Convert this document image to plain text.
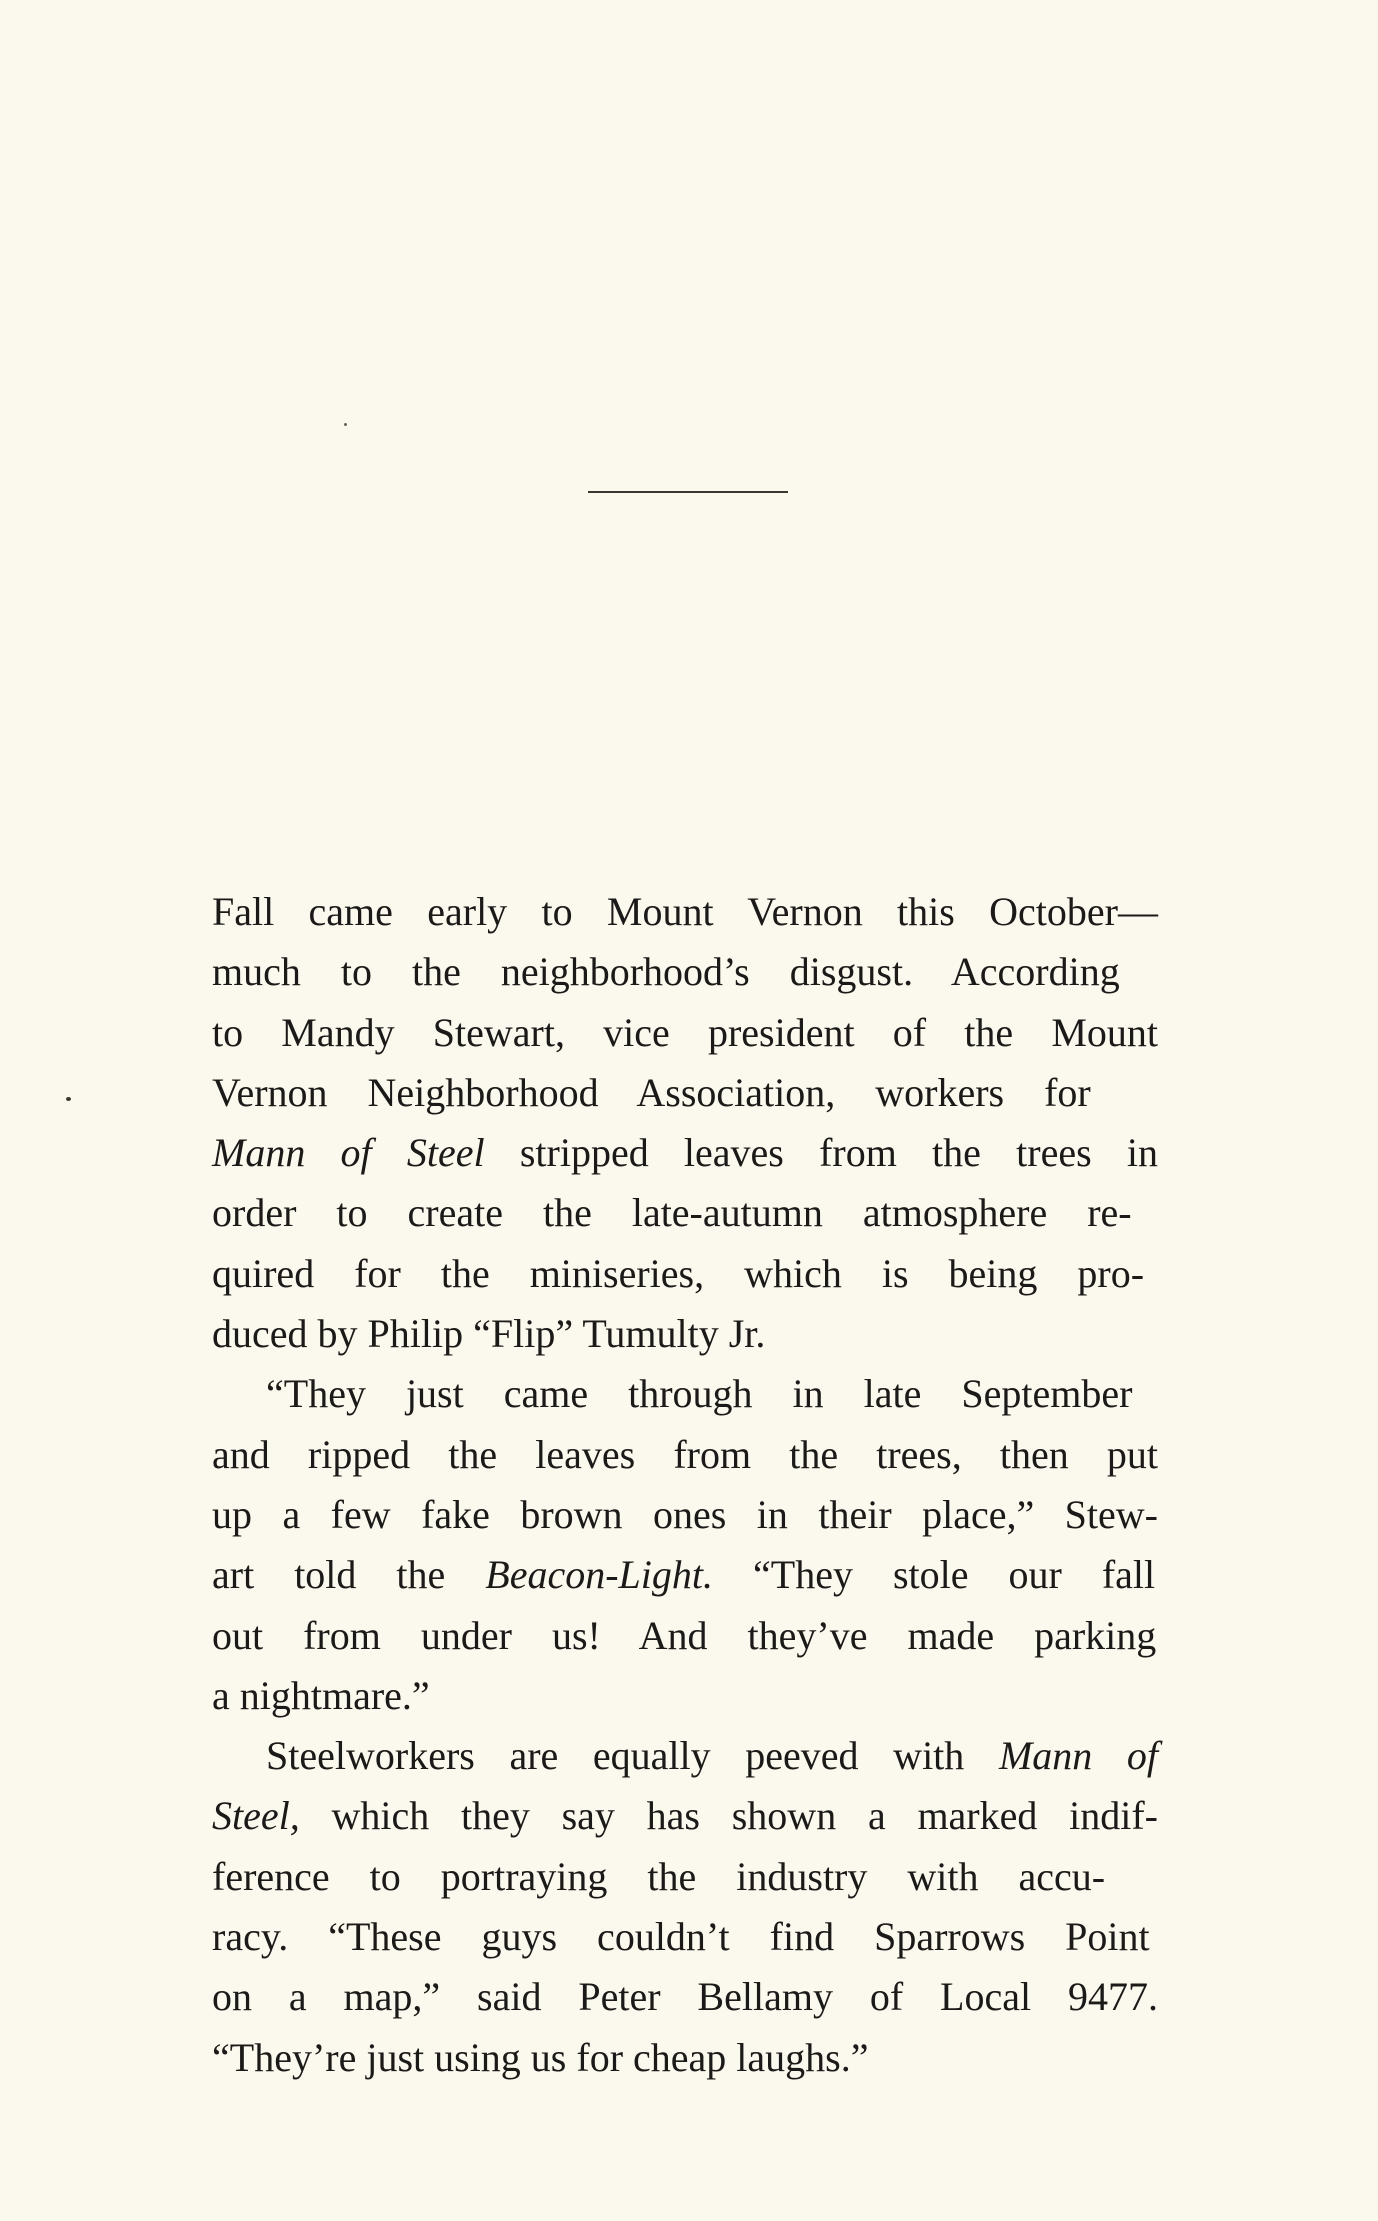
Fall came early to Mount Vernon this October—
much to the neighborhood’s disgust. According
to Mandy Stewart, vice president of the Mount
Vernon Neighborhood Association, workers for
Mann of Steel stripped leaves from the trees in
order to create the late-autumn atmosphere re-
quired for the miniseries, which is being pro-
duced by Philip “Flip” Tumulty Jr.
“They just came through in late September
and ripped the leaves from the trees, then put
up a few fake brown ones in their place,” Stew-
art told the Beacon-Light. “They stole our fall
out from under us! And they’ve made parking
a nightmare.”
Steelworkers are equally peeved with Mann of
Steel, which they say has shown a marked indif-
ference to portraying the industry with accu-
racy. “These guys couldn’t find Sparrows Point
on a map,” said Peter Bellamy of Local 9477.
“They’re just using us for cheap laughs.”
